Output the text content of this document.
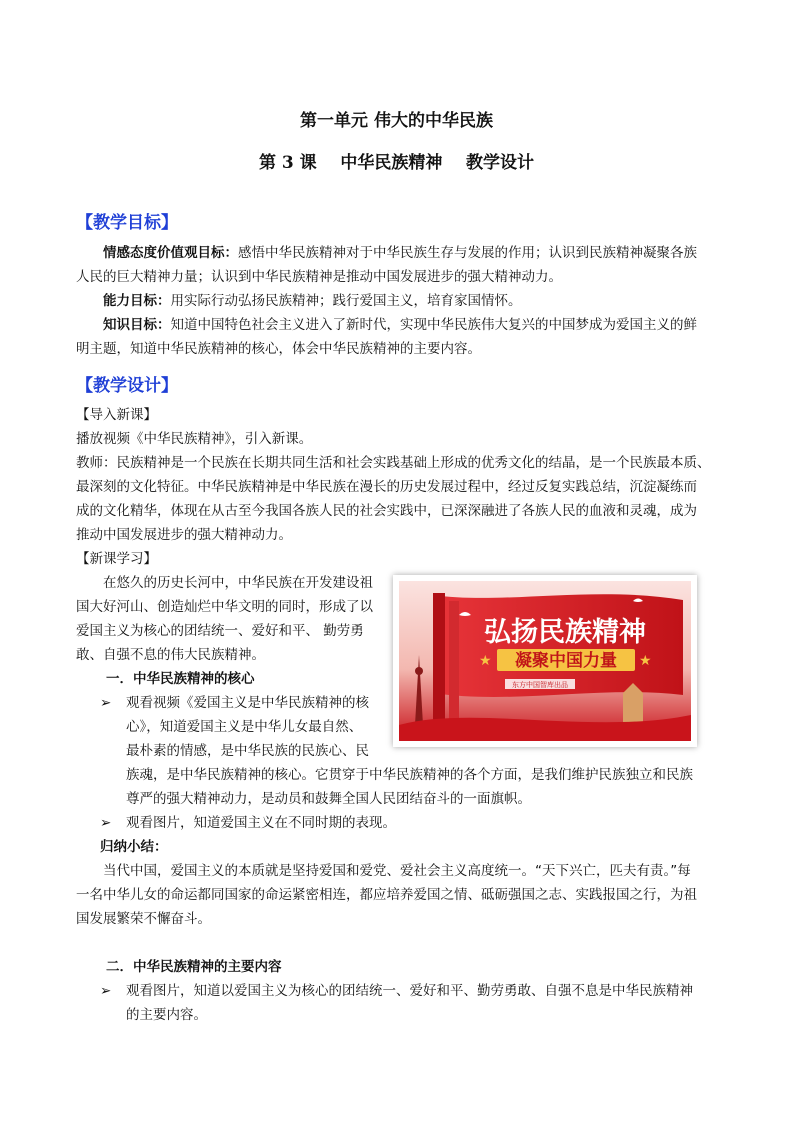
第一单元 伟大的中华民族
第 3 课    中华民族精神    教学设计
【教学目标】
情感态度价值观目标：感悟中华民族精神对于中华民族生存与发展的作用；认识到民族精神凝聚各族
人民的巨大精神力量；认识到中华民族精神是推动中国发展进步的强大精神动力。
能力目标：用实际行动弘扬民族精神；践行爱国主义，培育家国情怀。
知识目标：知道中国特色社会主义进入了新时代，实现中华民族伟大复兴的中国梦成为爱国主义的鲜
明主题，知道中华民族精神的核心，体会中华民族精神的主要内容。
【教学设计】
【导入新课】
播放视频《中华民族精神》，引入新课。
教师：民族精神是一个民族在长期共同生活和社会实践基础上形成的优秀文化的结晶，是一个民族最本质、
最深刻的文化特征。中华民族精神是中华民族在漫长的历史发展过程中，经过反复实践总结，沉淀凝练而
成的文化精华，体现在从古至今我国各族人民的社会实践中，已深深融进了各族人民的血液和灵魂，成为
推动中国发展进步的强大精神动力。
【新课学习】
在悠久的历史长河中，中华民族在开发建设祖
国大好河山、创造灿烂中华文明的同时，形成了以
爱国主义为核心的团结统一、爱好和平、 勤劳勇
敢、自强不息的伟大民族精神。
一．中华民族精神的核心
➢ 观看视频《爱国主义是中华民族精神的核
心》，知道爱国主义是中华儿女最自然、
最朴素的情感，是中华民族的民族心、民
族魂，是中华民族精神的核心。它贯穿于中华民族精神的各个方面，是我们维护民族独立和民族
尊严的强大精神动力，是动员和鼓舞全国人民团结奋斗的一面旗帜。
➢ 观看图片，知道爱国主义在不同时期的表现。
归纳小结：
当代中国，爱国主义的本质就是坚持爱国和爱党、爱社会主义高度统一。“天下兴亡，匹夫有责。”每
一名中华儿女的命运都同国家的命运紧密相连，都应培养爱国之情、砥砺强国之志、实践报国之行，为祖
国发展繁荣不懈奋斗。
二．中华民族精神的主要内容
➢ 观看图片，知道以爱国主义为核心的团结统一、爱好和平、勤劳勇敢、自强不息是中华民族精神
的主要内容。
★	★
弘扬民族精神
凝聚中国力量
东方中国智库出品
